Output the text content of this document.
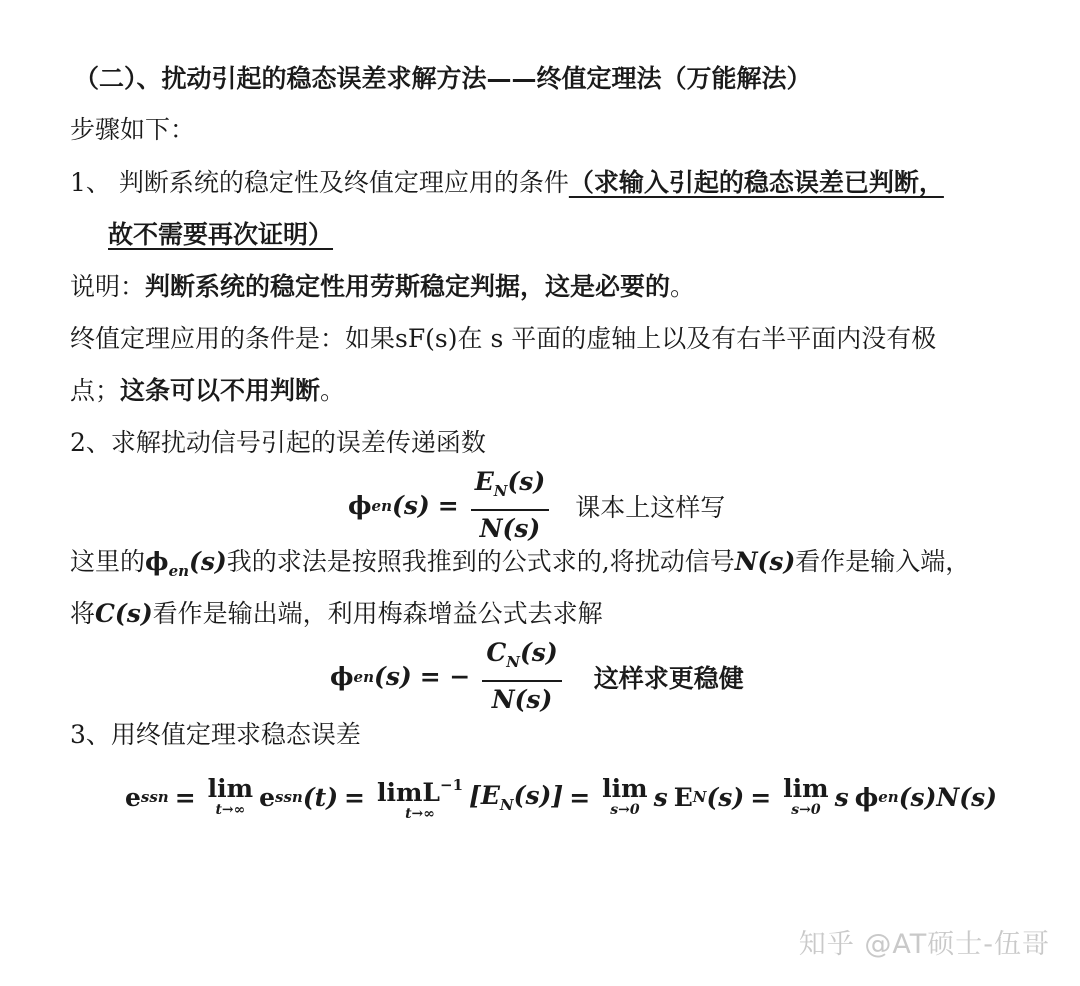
（二）、扰动引起的稳态误差求解方法——终值定理法（万能解法）
步骤如下：
1、 判断系统的稳定性及终值定理应用的条件（求输入引起的稳态误差已判断，
故不需要再次证明）
说明：判断系统的稳定性用劳斯稳定判据，这是必要的。
终值定理应用的条件是：如果sF(s)在 s 平面的虚轴上以及有右半平面内没有极
点；这条可以不用判断。
2、求解扰动信号引起的误差传递函数
ϕ en $(s) = \frac{E_N(s)}{N(s)}$ 课本上这样写
这里的$\phi_{en}(s)$我的求法是按照我推到的公式求的,将扰动信号N(s)看作是输入端，
将C(s)看作是输出端，利用梅森增益公式去求解
ϕ en (s) = − $\frac{C_N(s)}{N(s)}$ 这样求更稳健
3、用终值定理求稳态误差
e ssn = lim
t→∞ e ssn (t) = limL$^{-1}$
t→∞
$[E_N(s)] = \lim$
s→0 s E N (s) = lim
s→0 s ϕ en (s)N(s)
知乎 @AT硕士-伍哥
